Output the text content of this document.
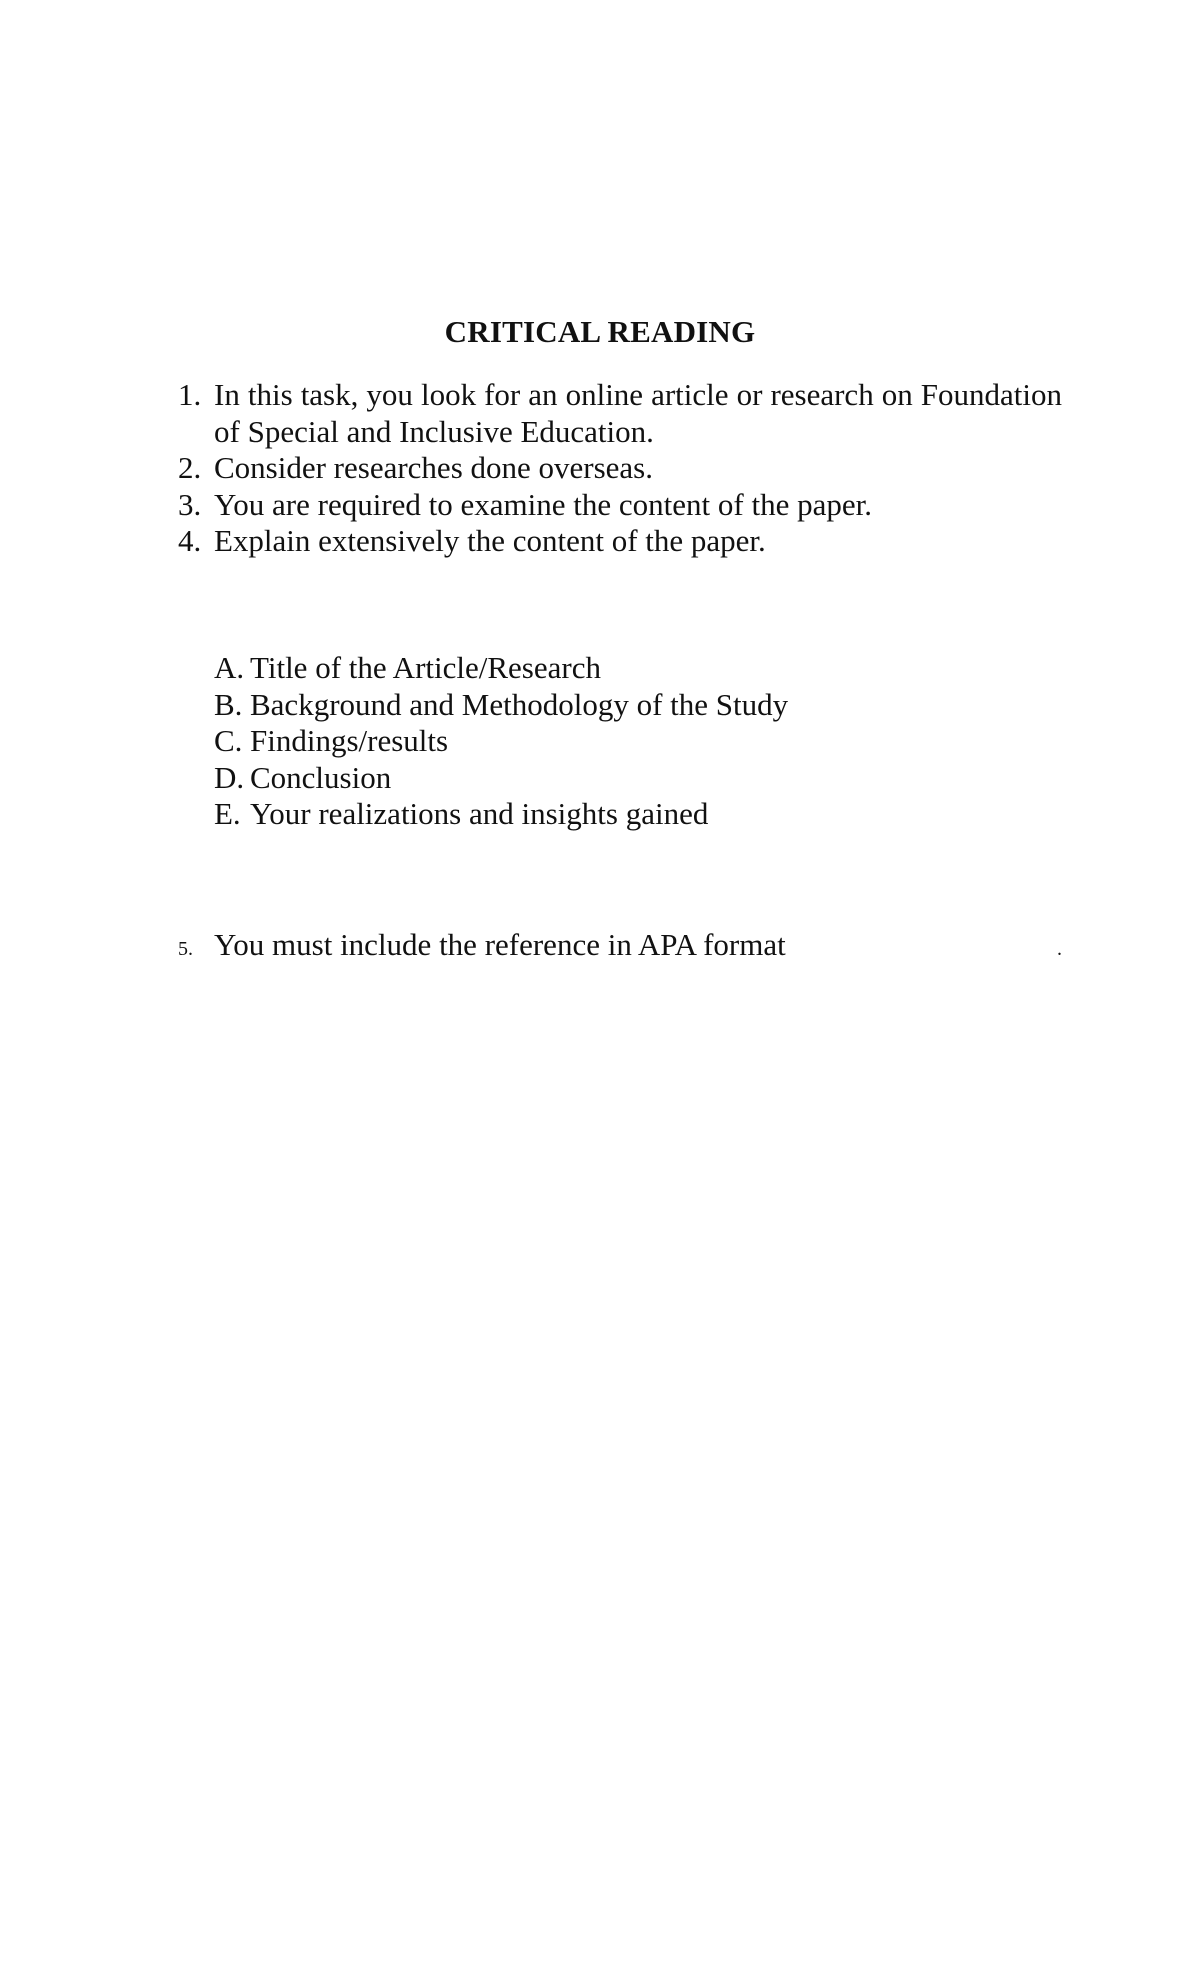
CRITICAL READING
1. In this task, you look for an online article or research on Foundation of Special and Inclusive Education.
2. Consider researches done overseas.
3. You are required to examine the content of the paper.
4. Explain extensively the content of the paper.
A. Title of the Article/Research
B. Background and Methodology of the Study
C. Findings/results
D. Conclusion
E. Your realizations and insights gained
5. You must include the reference in APA format	.
